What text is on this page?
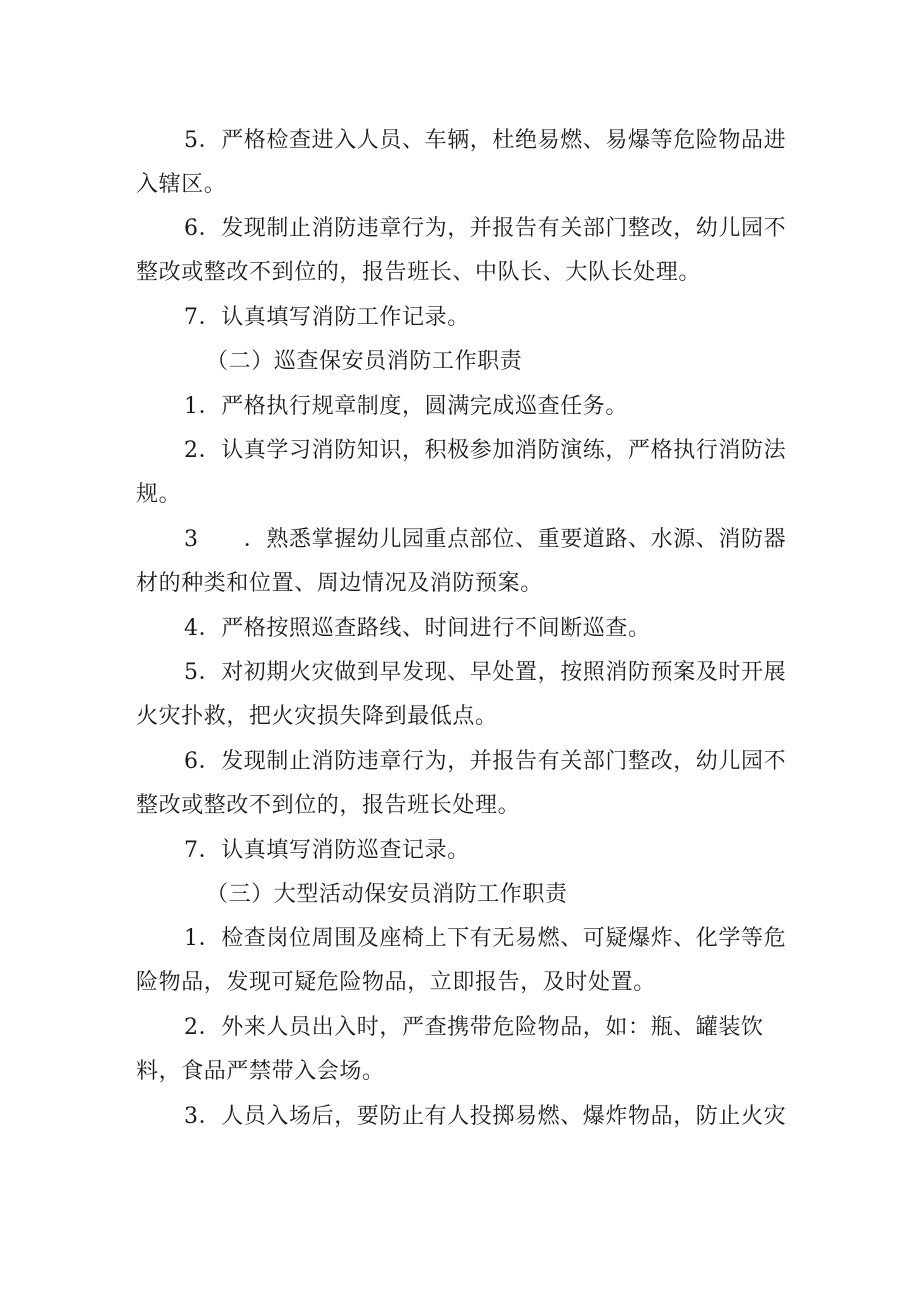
5．严格检查进入人员、车辆，杜绝易燃、易爆等危险物品进入辖区。

6．发现制止消防违章行为，并报告有关部门整改，幼儿园不整改或整改不到位的，报告班长、中队长、大队长处理。

7．认真填写消防工作记录。

（二）巡查保安员消防工作职责

1．严格执行规章制度，圆满完成巡查任务。

2．认真学习消防知识，积极参加消防演练，严格执行消防法规。

3　　．熟悉掌握幼儿园重点部位、重要道路、水源、消防器材的种类和位置、周边情况及消防预案。

4．严格按照巡查路线、时间进行不间断巡查。

5．对初期火灾做到早发现、早处置，按照消防预案及时开展火灾扑救，把火灾损失降到最低点。

6．发现制止消防违章行为，并报告有关部门整改，幼儿园不整改或整改不到位的，报告班长处理。

7．认真填写消防巡查记录。

（三）大型活动保安员消防工作职责

1．检查岗位周围及座椅上下有无易燃、可疑爆炸、化学等危险物品，发现可疑危险物品，立即报告，及时处置。

2．外来人员出入时，严查携带危险物品，如：瓶、罐装饮料，食品严禁带入会场。

3．人员入场后，要防止有人投掷易燃、爆炸物品，防止火灾
